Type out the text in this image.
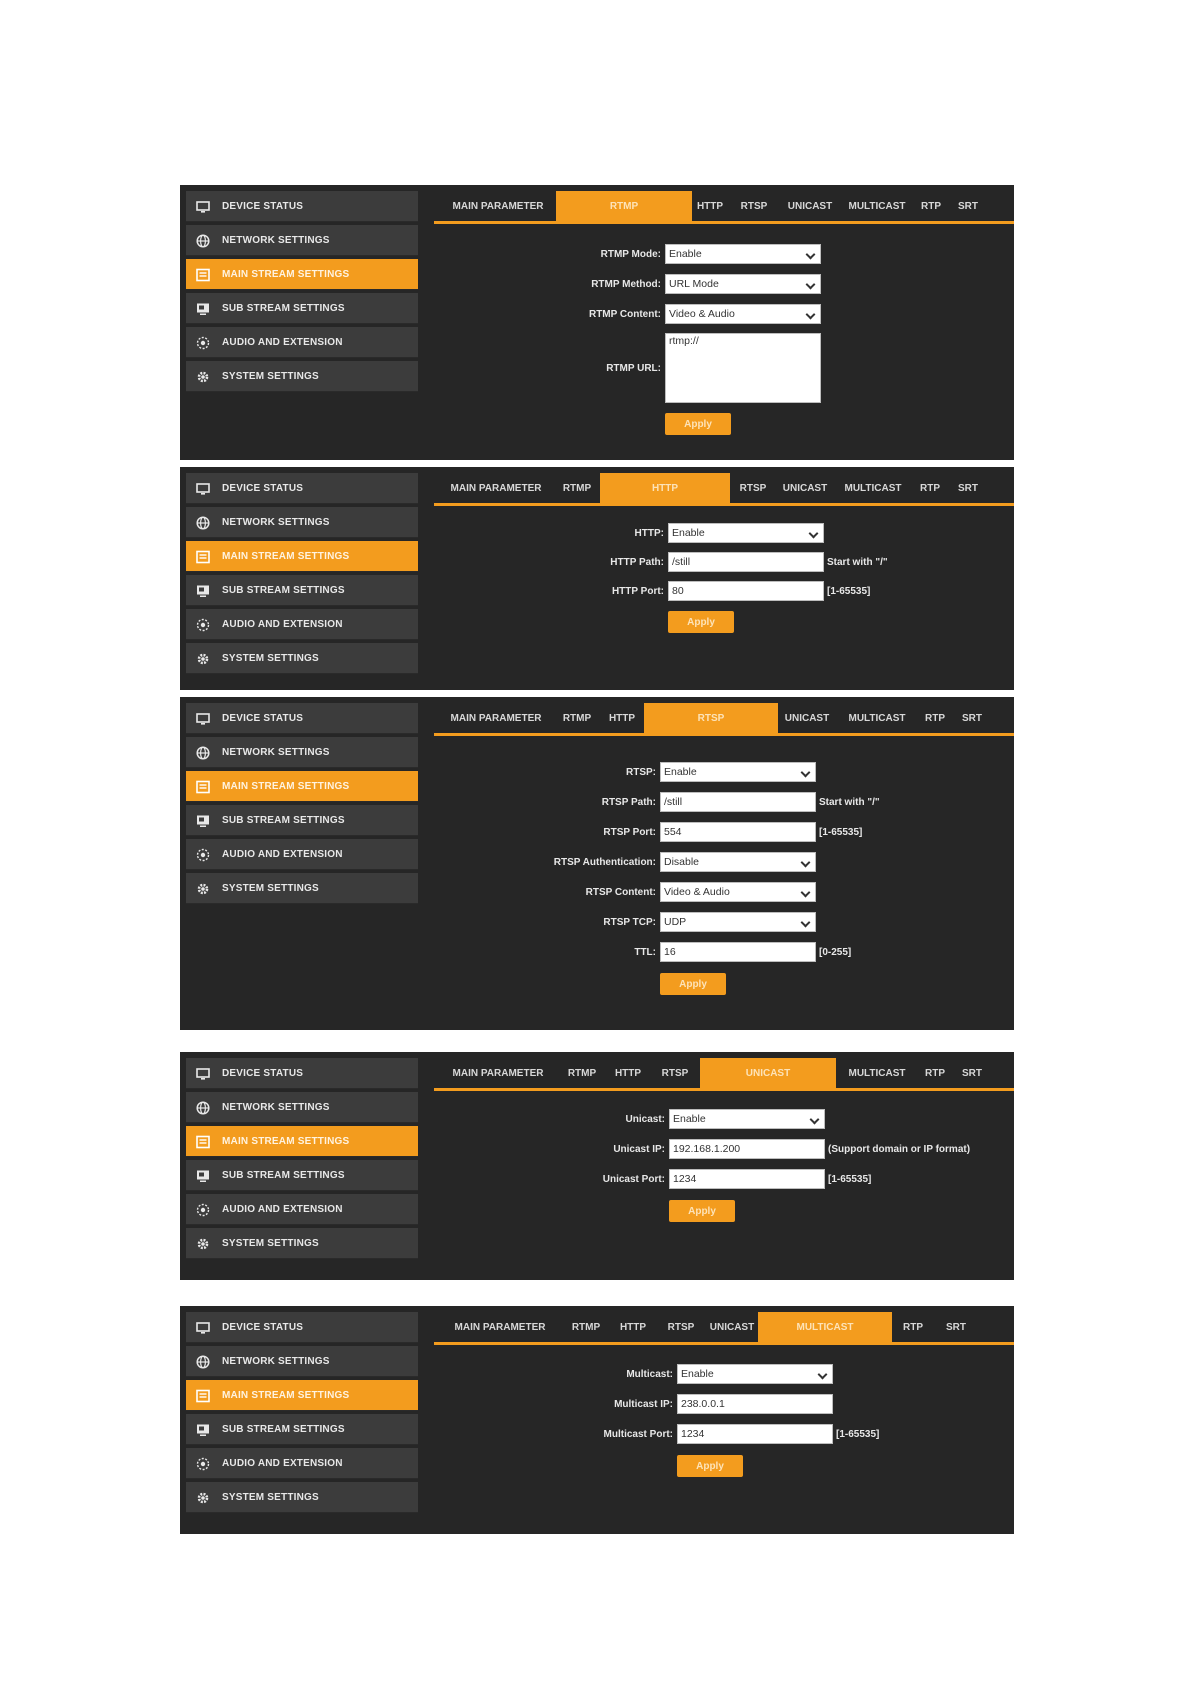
DEVICE STATUS
NETWORK SETTINGS
MAIN STREAM SETTINGS
SUB STREAM SETTINGS
AUDIO AND EXTENSION
SYSTEM SETTINGS
MAIN PARAMETER	RTMP	HTTP	RTSP	UNICAST	MULTICAST	RTP	SRT
RTMP Mode: Enable
RTMP Method: URL Mode
RTMP Content: Video & Audio
RTMP URL:
rtmp://
Apply
DEVICE STATUS
NETWORK SETTINGS
MAIN STREAM SETTINGS
SUB STREAM SETTINGS
AUDIO AND EXTENSION
SYSTEM SETTINGS
MAIN PARAMETER	RTMP	HTTP	RTSP	UNICAST	MULTICAST	RTP	SRT
HTTP: Enable
HTTP Path: /still	Start with "/"
HTTP Port: 80	[1-65535]
Apply
DEVICE STATUS
NETWORK SETTINGS
MAIN STREAM SETTINGS
SUB STREAM SETTINGS
AUDIO AND EXTENSION
SYSTEM SETTINGS
MAIN PARAMETER	RTMP	HTTP	RTSP	UNICAST	MULTICAST	RTP	SRT
RTSP: Enable
RTSP Path: /still	Start with "/"
RTSP Port: 554	[1-65535]
RTSP Authentication: Disable
RTSP Content: Video & Audio
RTSP TCP: UDP
TTL: 16	[0-255]
Apply
DEVICE STATUS
NETWORK SETTINGS
MAIN STREAM SETTINGS
SUB STREAM SETTINGS
AUDIO AND EXTENSION
SYSTEM SETTINGS
MAIN PARAMETER	RTMP	HTTP	RTSP	UNICAST	MULTICAST	RTP	SRT
Unicast: Enable
Unicast IP: 192.168.1.200	(Support domain or IP format)
Unicast Port: 1234	[1-65535]
Apply
DEVICE STATUS
NETWORK SETTINGS
MAIN STREAM SETTINGS
SUB STREAM SETTINGS
AUDIO AND EXTENSION
SYSTEM SETTINGS
MAIN PARAMETER	RTMP	HTTP	RTSP	UNICAST	MULTICAST	RTP	SRT
Multicast: Enable
Multicast IP: 238.0.0.1
Multicast Port: 1234	[1-65535]
Apply
